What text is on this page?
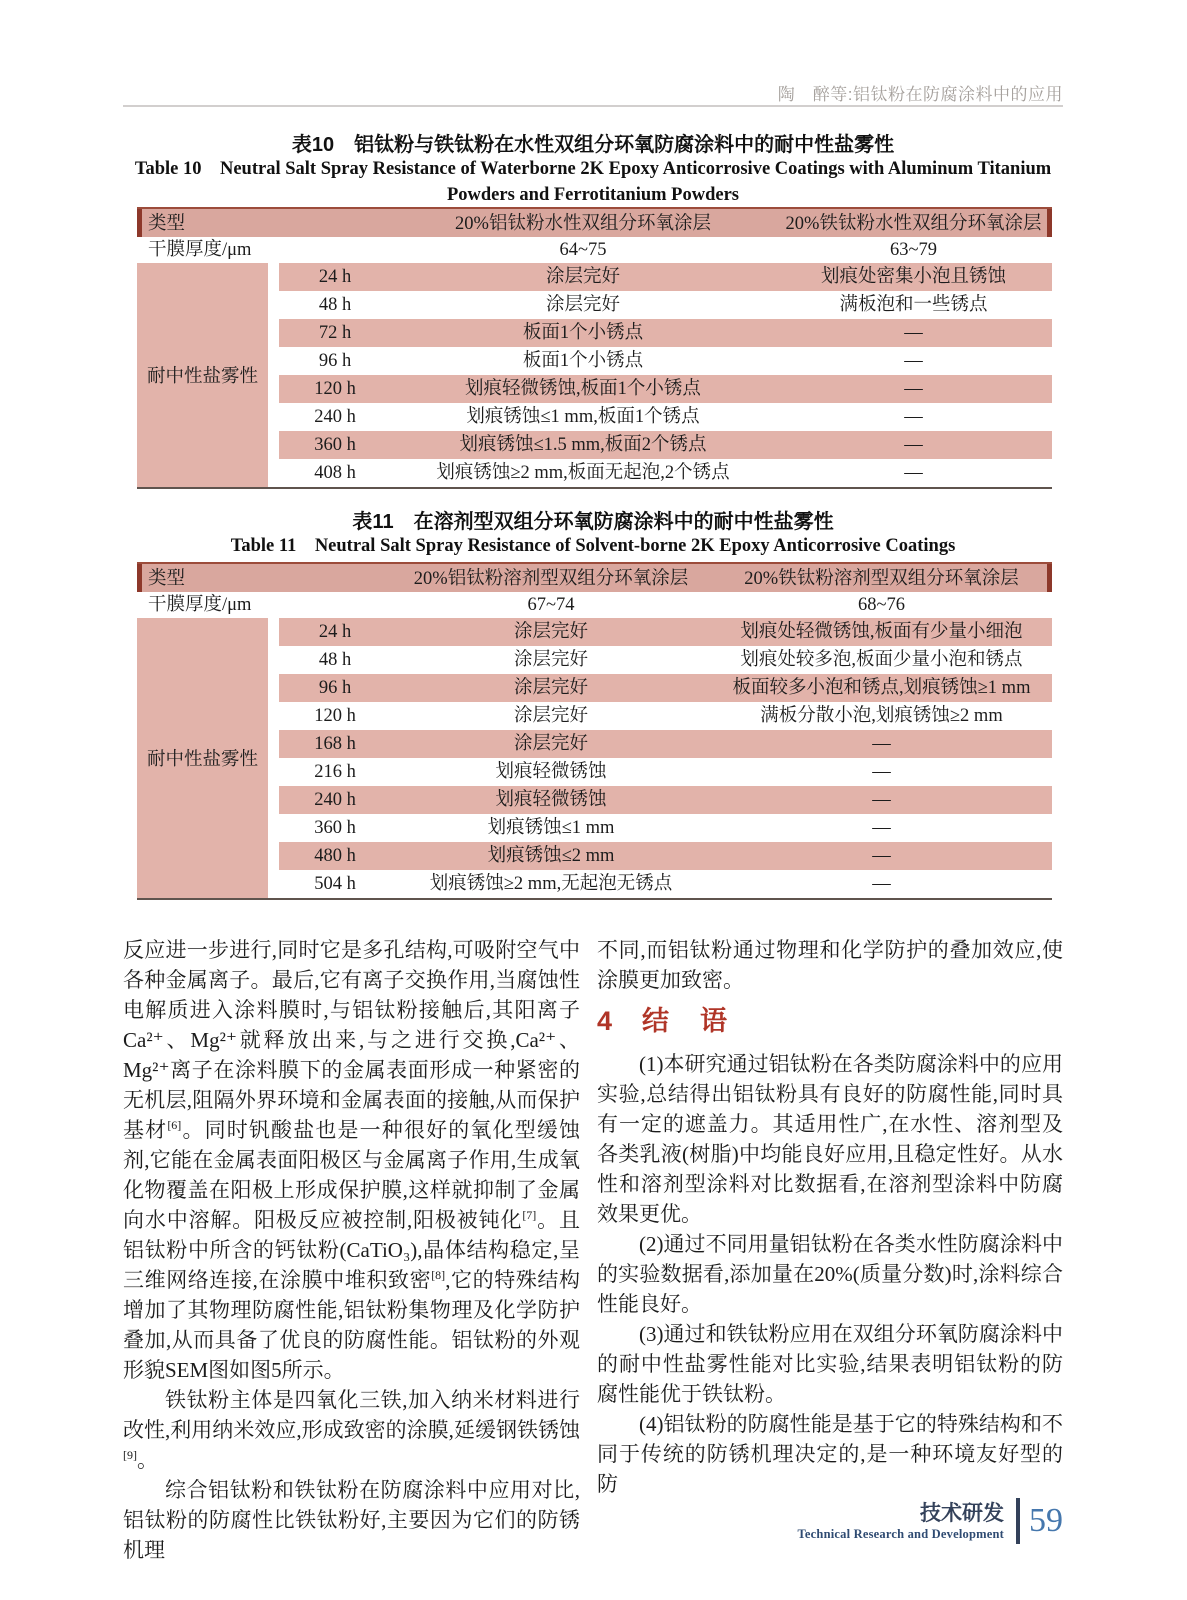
陶　醉等:铝钛粉在防腐涂料中的应用
表10　铝钛粉与铁钛粉在水性双组分环氧防腐涂料中的耐中性盐雾性
Table 10　Neutral Salt Spray Resistance of Waterborne 2K Epoxy Anticorrosive Coatings with Aluminum Titanium
Powders and Ferrotitanium Powders
类型	20%铝钛粉水性双组分环氧涂层	20%铁钛粉水性双组分环氧涂层
干膜厚度/μm	64~75	63~79
耐中性盐雾性
24 h	涂层完好	划痕处密集小泡且锈蚀
48 h	涂层完好	满板泡和一些锈点
72 h	板面1个小锈点	—
96 h	板面1个小锈点	—
120 h	划痕轻微锈蚀,板面1个小锈点	—
240 h	划痕锈蚀≤1 mm,板面1个锈点	—
360 h	划痕锈蚀≤1.5 mm,板面2个锈点	—
408 h	划痕锈蚀≥2 mm,板面无起泡,2个锈点	—
表11　在溶剂型双组分环氧防腐涂料中的耐中性盐雾性
Table 11　Neutral Salt Spray Resistance of Solvent-borne 2K Epoxy Anticorrosive Coatings
类型	20%铝钛粉溶剂型双组分环氧涂层	20%铁钛粉溶剂型双组分环氧涂层
干膜厚度/μm	67~74	68~76
耐中性盐雾性
24 h	涂层完好	划痕处轻微锈蚀,板面有少量小细泡
48 h	涂层完好	划痕处较多泡,板面少量小泡和锈点
96 h	涂层完好	板面较多小泡和锈点,划痕锈蚀≥1 mm
120 h	涂层完好	满板分散小泡,划痕锈蚀≥2 mm
168 h	涂层完好	—
216 h	划痕轻微锈蚀	—
240 h	划痕轻微锈蚀	—
360 h	划痕锈蚀≤1 mm	—
480 h	划痕锈蚀≤2 mm	—
504 h	划痕锈蚀≥2 mm,无起泡无锈点	—

反应进一步进行,同时它是多孔结构,可吸附空气中各种金属离子。最后,它有离子交换作用,当腐蚀性电解质进入涂料膜时,与铝钛粉接触后,其阳离子Ca²⁺、Mg²⁺就释放出来,与之进行交换,Ca²⁺、Mg²⁺离子在涂料膜下的金属表面形成一种紧密的无机层,阻隔外界环境和金属表面的接触,从而保护基材[6]。同时钒酸盐也是一种很好的氧化型缓蚀剂,它能在金属表面阳极区与金属离子作用,生成氧化物覆盖在阳极上形成保护膜,这样就抑制了金属向水中溶解。阳极反应被控制,阳极被钝化[7]。且铝钛粉中所含的钙钛粉(CaTiO₃),晶体结构稳定,呈三维网络连接,在涂膜中堆积致密[8],它的特殊结构增加了其物理防腐性能,铝钛粉集物理及化学防护叠加,从而具备了优良的防腐性能。铝钛粉的外观形貌SEM图如图5所示。

铁钛粉主体是四氧化三铁,加入纳米材料进行改性,利用纳米效应,形成致密的涂膜,延缓钢铁锈蚀[9]。

综合铝钛粉和铁钛粉在防腐涂料中应用对比,铝钛粉的防腐性比铁钛粉好,主要因为它们的防锈机理

不同,而铝钛粉通过物理和化学防护的叠加效应,使涂膜更加致密。

4 结　语

(1)本研究通过铝钛粉在各类防腐涂料中的应用实验,总结得出铝钛粉具有良好的防腐性能,同时具有一定的遮盖力。其适用性广,在水性、溶剂型及各类乳液(树脂)中均能良好应用,且稳定性好。从水性和溶剂型涂料对比数据看,在溶剂型涂料中防腐效果更优。

(2)通过不同用量铝钛粉在各类水性防腐涂料中的实验数据看,添加量在20%(质量分数)时,涂料综合性能良好。

(3)通过和铁钛粉应用在双组分环氧防腐涂料中的耐中性盐雾性能对比实验,结果表明铝钛粉的防腐性能优于铁钛粉。

(4)铝钛粉的防腐性能是基于它的特殊结构和不同于传统的防锈机理决定的,是一种环境友好型的防

技术研发
Technical Research and Development 59
